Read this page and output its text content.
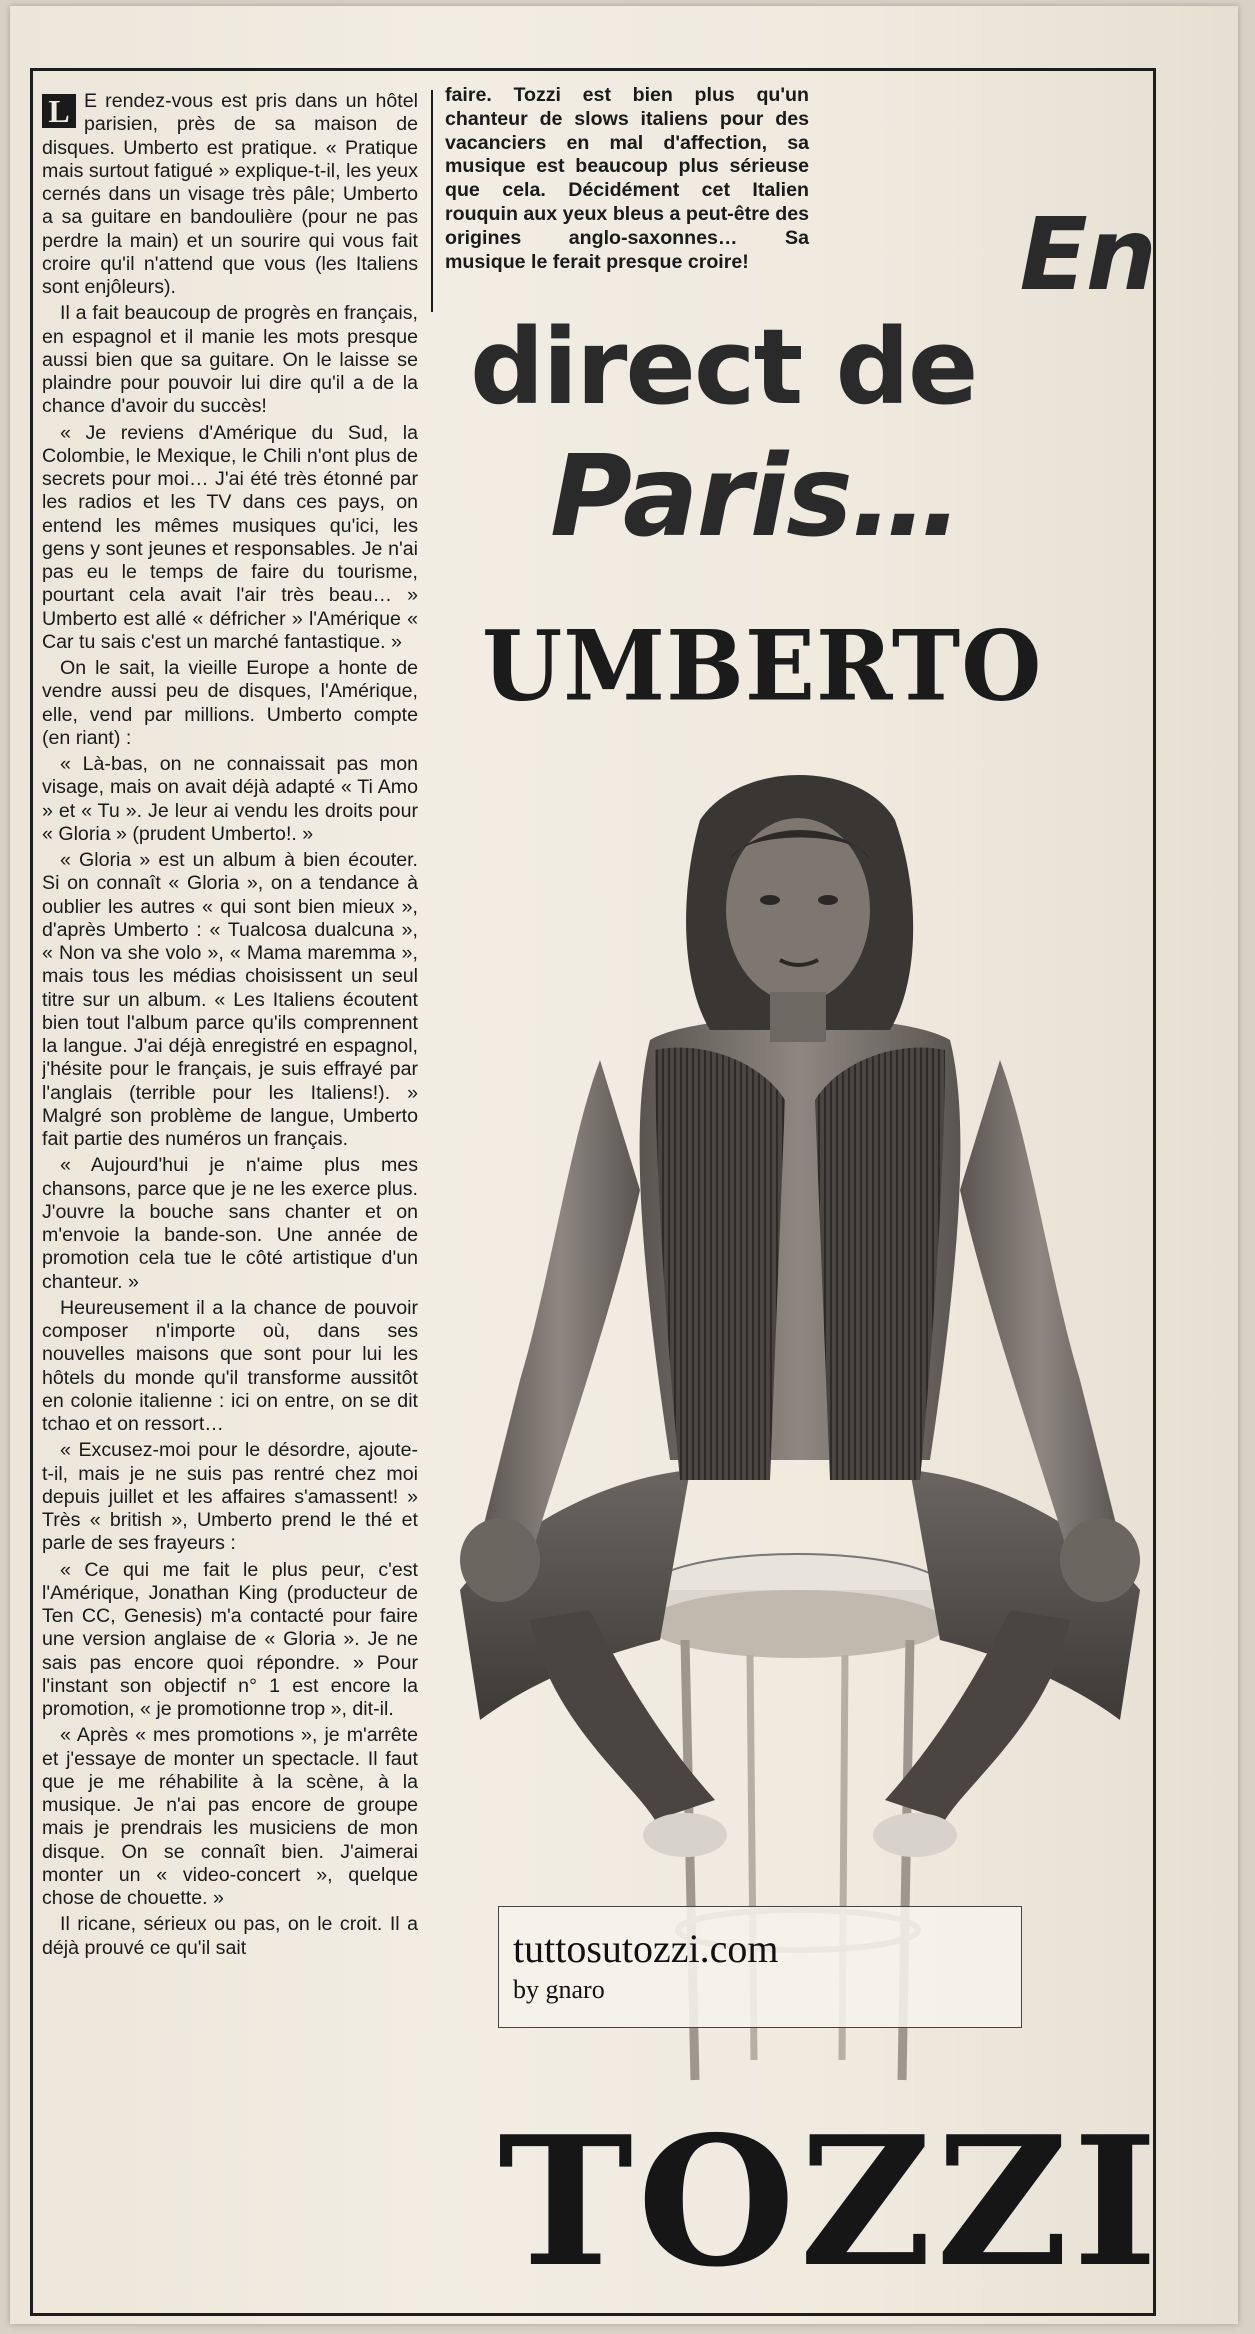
L E rendez-vous est pris dans un hôtel parisien, près de sa maison de disques. Umberto est pratique. « Pratique mais surtout fatigué » explique-t-il, les yeux cernés dans un visage très pâle; Umberto a sa guitare en bandoulière (pour ne pas perdre la main) et un sourire qui vous fait croire qu'il n'attend que vous (les Italiens sont enjôleurs).

Il a fait beaucoup de progrès en français, en espagnol et il manie les mots presque aussi bien que sa guitare. On le laisse se plaindre pour pouvoir lui dire qu'il a de la chance d'avoir du succès!

« Je reviens d'Amérique du Sud, la Colombie, le Mexique, le Chili n'ont plus de secrets pour moi… J'ai été très étonné par les radios et les TV dans ces pays, on entend les mêmes musiques qu'ici, les gens y sont jeunes et responsables. Je n'ai pas eu le temps de faire du tourisme, pourtant cela avait l'air très beau… » Umberto est allé « défricher » l'Amérique « Car tu sais c'est un marché fantastique. »

On le sait, la vieille Europe a honte de vendre aussi peu de disques, l'Amérique, elle, vend par millions. Umberto compte (en riant) :

« Là-bas, on ne connaissait pas mon visage, mais on avait déjà adapté « Ti Amo » et « Tu ». Je leur ai vendu les droits pour « Gloria » (prudent Umberto!. »

« Gloria » est un album à bien écouter. Si on connaît « Gloria », on a tendance à oublier les autres « qui sont bien mieux », d'après Umberto : « Tualcosa dualcuna », « Non va she volo », « Mama maremma », mais tous les médias choisissent un seul titre sur un album. « Les Italiens écoutent bien tout l'album parce qu'ils comprennent la langue. J'ai déjà enregistré en espagnol, j'hésite pour le français, je suis effrayé par l'anglais (terrible pour les Italiens!). » Malgré son problème de langue, Umberto fait partie des numéros un français.

« Aujourd'hui je n'aime plus mes chansons, parce que je ne les exerce plus. J'ouvre la bouche sans chanter et on m'envoie la bande-son. Une année de promotion cela tue le côté artistique d'un chanteur. »

Heureusement il a la chance de pouvoir composer n'importe où, dans ses nouvelles maisons que sont pour lui les hôtels du monde qu'il transforme aussitôt en colonie italienne : ici on entre, on se dit tchao et on ressort…

« Excusez-moi pour le désordre, ajoute-t-il, mais je ne suis pas rentré chez moi depuis juillet et les affaires s'amassent! » Très « british », Umberto prend le thé et parle de ses frayeurs :

« Ce qui me fait le plus peur, c'est l'Amérique, Jonathan King (producteur de Ten CC, Genesis) m'a contacté pour faire une version anglaise de « Gloria ». Je ne sais pas encore quoi répondre. » Pour l'instant son objectif n° 1 est encore la promotion, « je promotionne trop », dit-il.

« Après « mes promotions », je m'arrête et j'essaye de monter un spectacle. Il faut que je me réhabilite à la scène, à la musique. Je n'ai pas encore de groupe mais je prendrais les musiciens de mon disque. On se connaît bien. J'aimerai monter un « video-concert », quelque chose de chouette. »

Il ricane, sérieux ou pas, on le croit. Il a déjà prouvé ce qu'il sait

faire. Tozzi est bien plus qu'un chanteur de slows italiens pour des vacanciers en mal d'affection, sa musique est beaucoup plus sérieuse que cela. Décidément cet Italien rouquin aux yeux bleus a peut-être des origines anglo-saxonnes… Sa musique le ferait presque croire!	En
direct de
Paris…
UMBERTO
tuttosutozzi.com
by gnaro
TOZZI
